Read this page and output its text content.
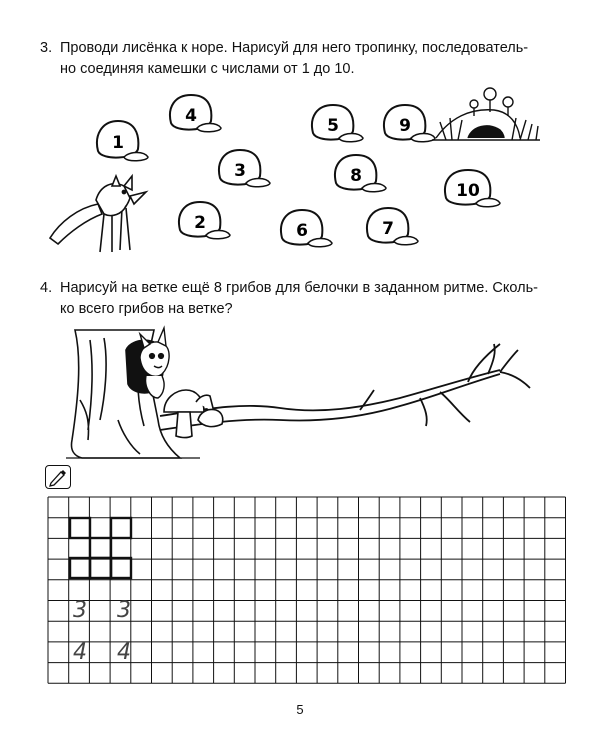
3. Проводи лисёнка к норе. Нарисуй для него тропинку, последователь-
но соединяя камешки с числами от 1 до 10.
1
2
3
4	5
6	7
8
9
10
3 3
4 4
4. Нарисуй на ветке ещё 8 грибов для белочки в заданном ритме. Сколь-
ко всего грибов на ветке?
5
